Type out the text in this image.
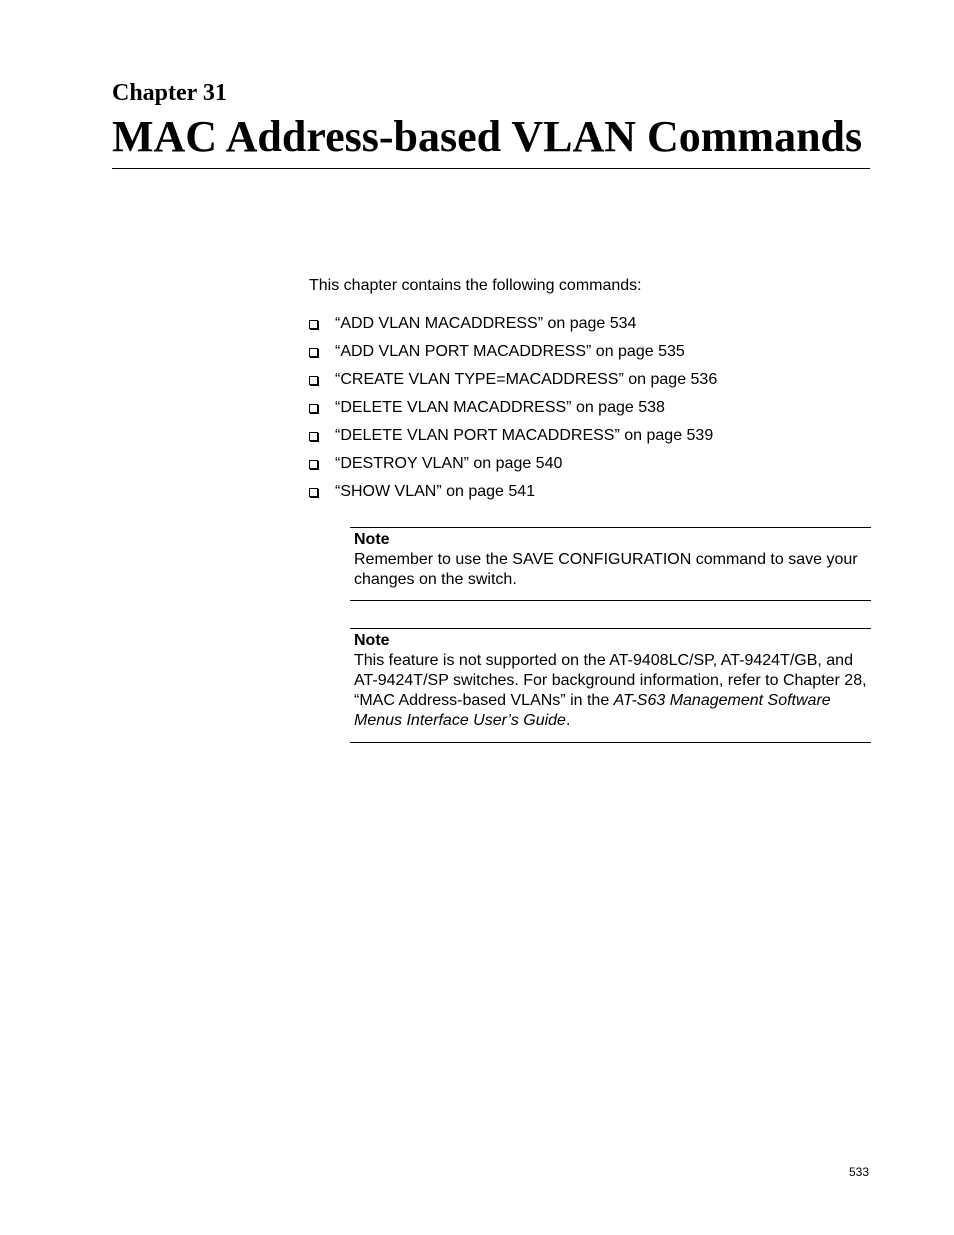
Chapter 31
MAC Address-based VLAN Commands

This chapter contains the following commands:

“ADD VLAN MACADDRESS” on page 534
“ADD VLAN PORT MACADDRESS” on page 535
“CREATE VLAN TYPE=MACADDRESS” on page 536
“DELETE VLAN MACADDRESS” on page 538
“DELETE VLAN PORT MACADDRESS” on page 539
“DESTROY VLAN” on page 540
“SHOW VLAN” on page 541
Note
Remember to use the SAVE CONFIGURATION command to save your changes on the switch.
Note
This feature is not supported on the AT-9408LC/SP, AT-9424T/GB, and AT-9424T/SP switches. For background information, refer to Chapter 28, “MAC Address-based VLANs” in the AT-S63 Management Software Menus Interface User’s Guide.
533
